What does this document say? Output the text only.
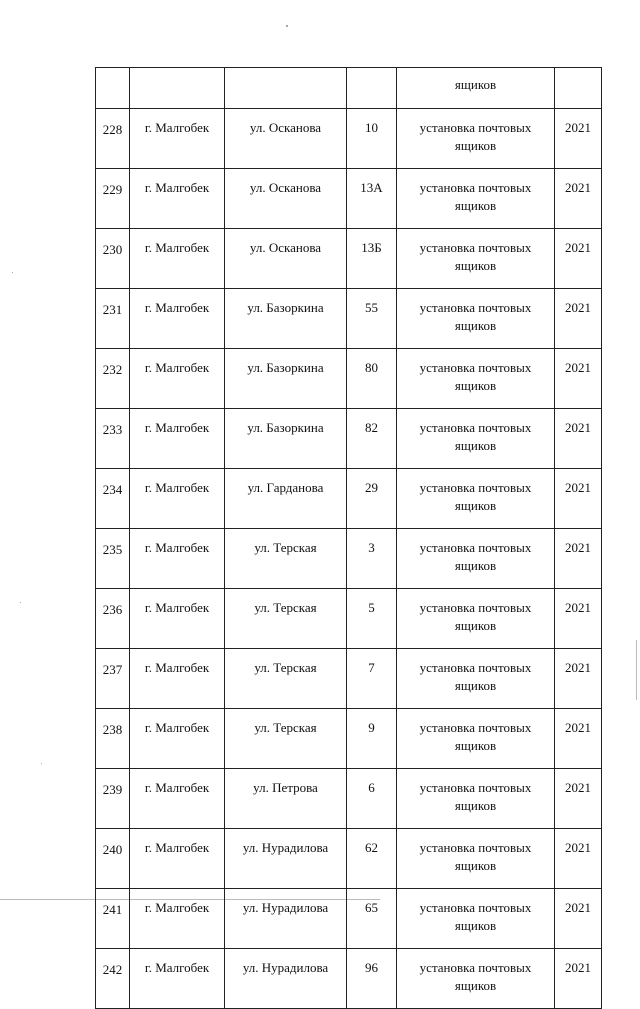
				ящиков	
228	г. Малгобек	ул. Осканова	10	установка почтовых
ящиков	2021
229	г. Малгобек	ул. Осканова	13А	установка почтовых
ящиков	2021
230	г. Малгобек	ул. Осканова	13Б	установка почтовых
ящиков	2021
231	г. Малгобек	ул. Базоркина	55	установка почтовых
ящиков	2021
232	г. Малгобек	ул. Базоркина	80	установка почтовых
ящиков	2021
233	г. Малгобек	ул. Базоркина	82	установка почтовых
ящиков	2021
234	г. Малгобек	ул. Гарданова	29	установка почтовых
ящиков	2021
235	г. Малгобек	ул. Терская	3	установка почтовых
ящиков	2021
236	г. Малгобек	ул. Терская	5	установка почтовых
ящиков	2021
237	г. Малгобек	ул. Терская	7	установка почтовых
ящиков	2021
238	г. Малгобек	ул. Терская	9	установка почтовых
ящиков	2021
239	г. Малгобек	ул. Петрова	6	установка почтовых
ящиков	2021
240	г. Малгобек	ул. Нурадилова	62	установка почтовых
ящиков	2021
241	г. Малгобек	ул. Нурадилова	65	установка почтовых
ящиков	2021
242	г. Малгобек	ул. Нурадилова	96	установка почтовых
ящиков	2021
